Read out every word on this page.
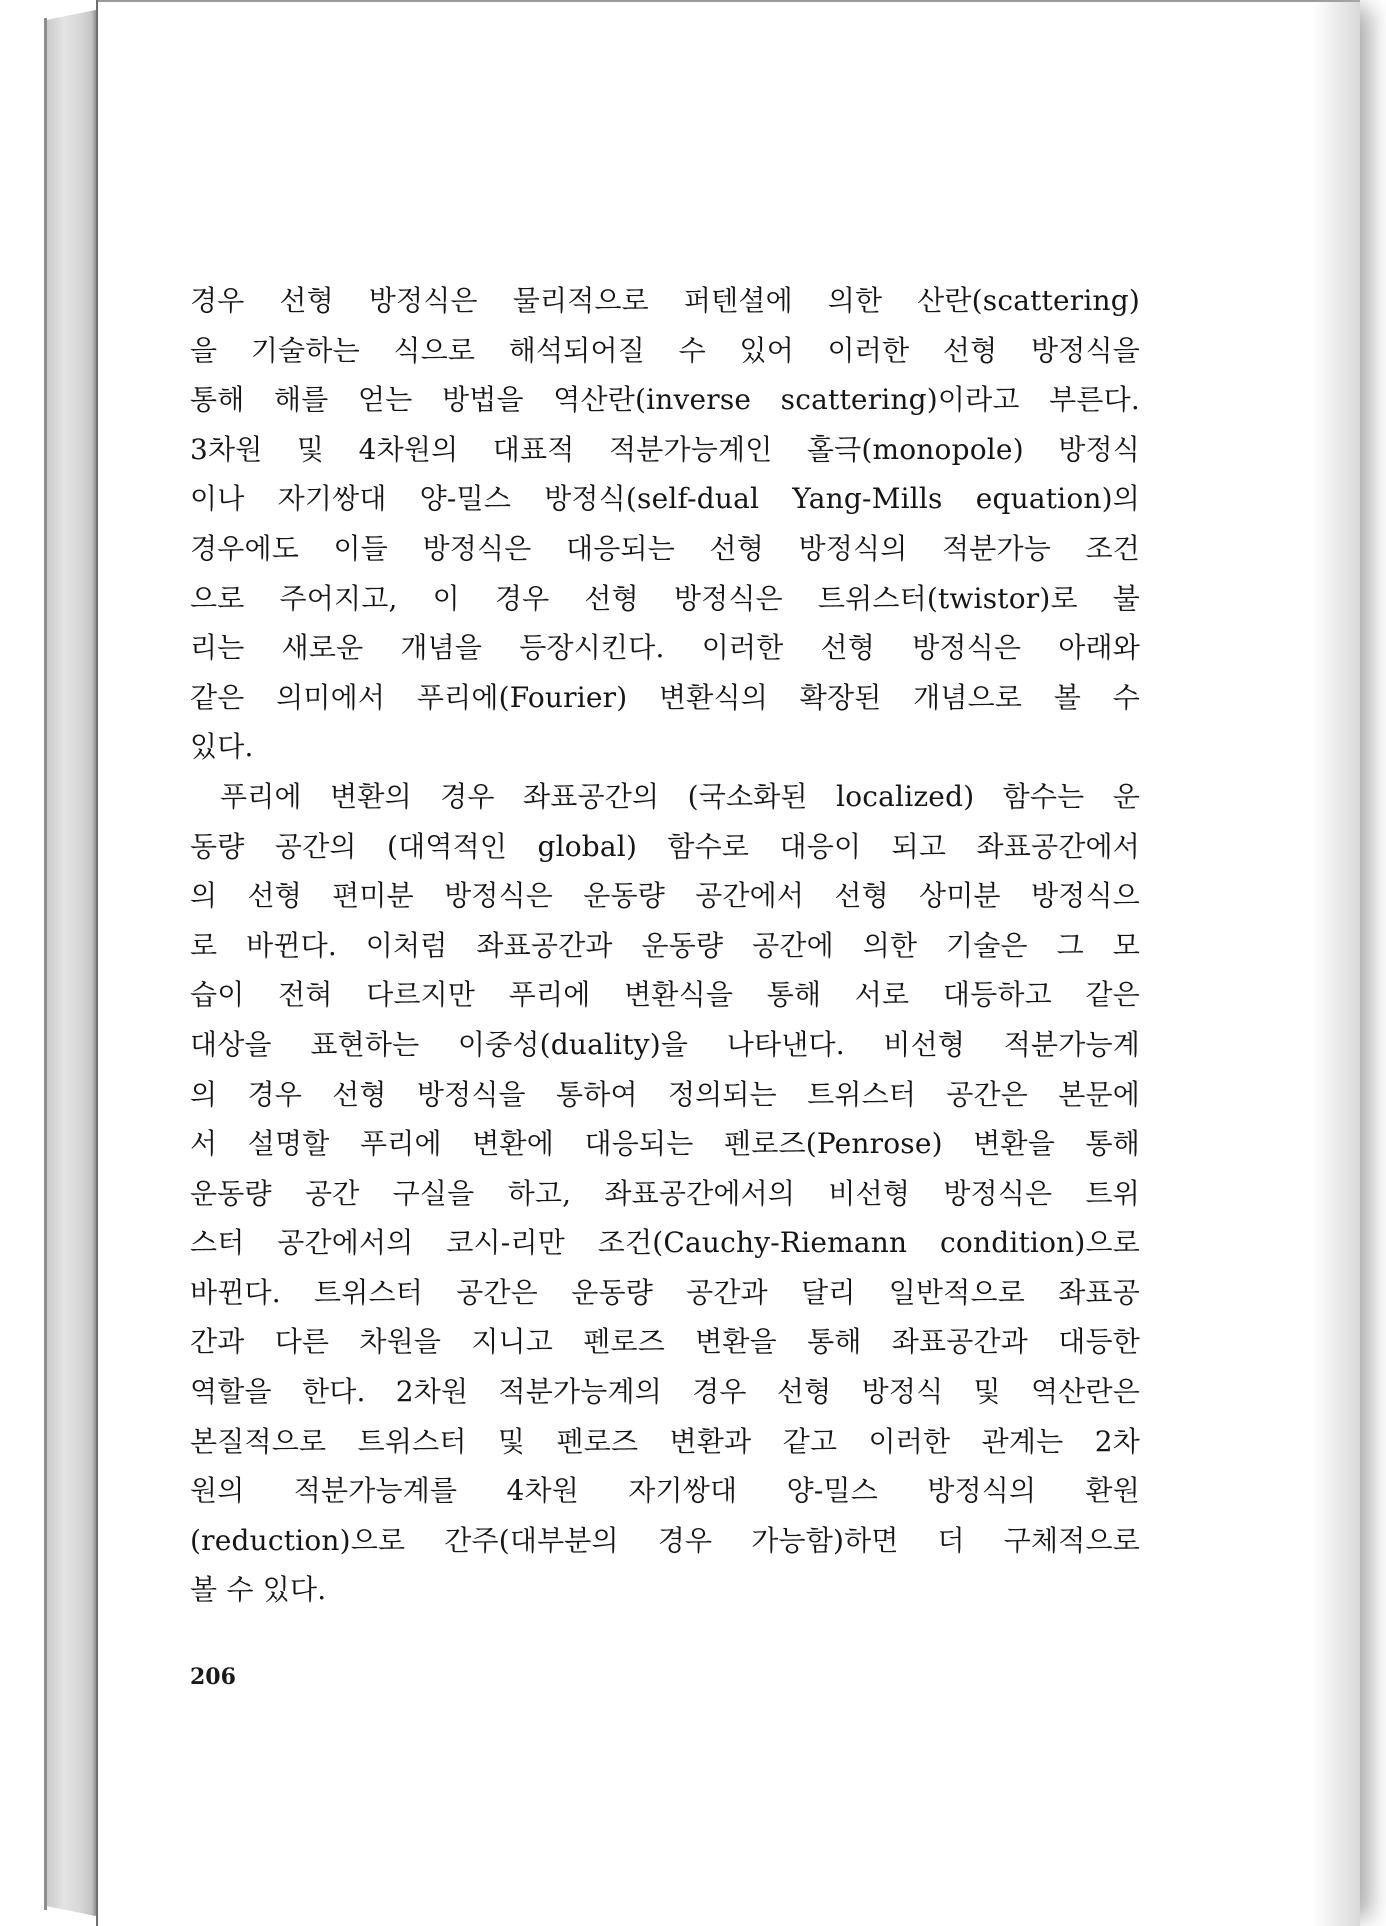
경우 선형 방정식은 물리적으로 퍼텐셜에 의한 산란(scattering)
을 기술하는 식으로 해석되어질 수 있어 이러한 선형 방정식을
통해 해를 얻는 방법을 역산란(inverse scattering)이라고 부른다.
3차원 및 4차원의 대표적 적분가능계인 홀극(monopole) 방정식
이나 자기쌍대 양-밀스 방정식(self-dual Yang-Mills equation)의
경우에도 이들 방정식은 대응되는 선형 방정식의 적분가능 조건
으로 주어지고, 이 경우 선형 방정식은 트위스터(twistor)로 불
리는 새로운 개념을 등장시킨다. 이러한 선형 방정식은 아래와
같은 의미에서 푸리에(Fourier) 변환식의 확장된 개념으로 볼 수
있다.
푸리에 변환의 경우 좌표공간의 (국소화된 localized) 함수는 운
동량 공간의 (대역적인 global) 함수로 대응이 되고 좌표공간에서
의 선형 편미분 방정식은 운동량 공간에서 선형 상미분 방정식으
로 바뀐다. 이처럼 좌표공간과 운동량 공간에 의한 기술은 그 모
습이 전혀 다르지만 푸리에 변환식을 통해 서로 대등하고 같은
대상을 표현하는 이중성(duality)을 나타낸다. 비선형 적분가능계
의 경우 선형 방정식을 통하여 정의되는 트위스터 공간은 본문에
서 설명할 푸리에 변환에 대응되는 펜로즈(Penrose) 변환을 통해
운동량 공간 구실을 하고, 좌표공간에서의 비선형 방정식은 트위
스터 공간에서의 코시-리만 조건(Cauchy-Riemann condition)으로
바뀐다. 트위스터 공간은 운동량 공간과 달리 일반적으로 좌표공
간과 다른 차원을 지니고 펜로즈 변환을 통해 좌표공간과 대등한
역할을 한다. 2차원 적분가능계의 경우 선형 방정식 및 역산란은
본질적으로 트위스터 및 펜로즈 변환과 같고 이러한 관계는 2차
원의 적분가능계를 4차원 자기쌍대 양-밀스 방정식의 환원
(reduction)으로 간주(대부분의 경우 가능함)하면 더 구체적으로
볼 수 있다.
206
